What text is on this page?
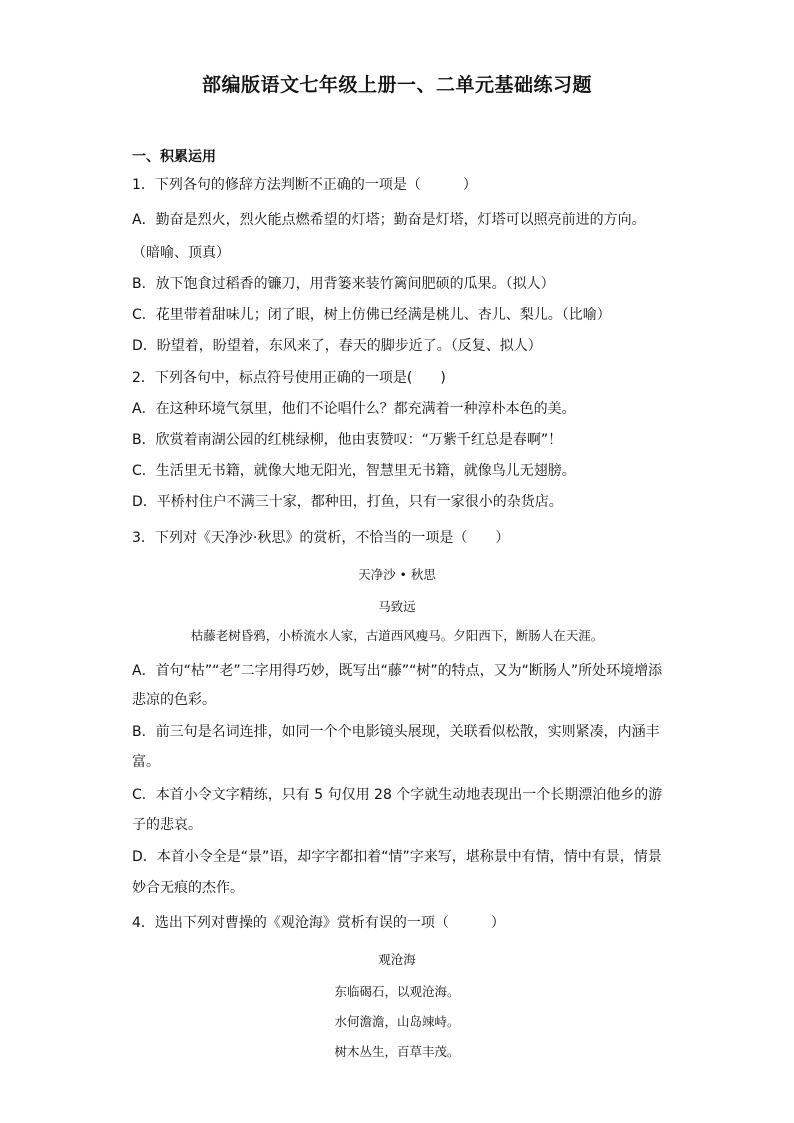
部编版语文七年级上册一、二单元基础练习题
一、积累运用
1．下列各句的修辞方法判断不正确的一项是（　　　）
A．勤奋是烈火，烈火能点燃希望的灯塔；勤奋是灯塔，灯塔可以照亮前进的方向。
（暗喻、顶真）
B．放下饱食过稻香的镰刀，用背篓来装竹篱间肥硕的瓜果。（拟人）
C．花里带着甜味儿；闭了眼，树上仿佛已经满是桃儿、杏儿、梨儿。（比喻）
D．盼望着，盼望着，东风来了，春天的脚步近了。（反复、拟人）
2．下列各句中，标点符号使用正确的一项是(　　)
A．在这种环境气氛里，他们不论唱什么？都充满着一种淳朴本色的美。
B．欣赏着南湖公园的红桃绿柳，他由衷赞叹：“万紫千红总是春啊”！
C．生活里无书籍，就像大地无阳光，智慧里无书籍，就像鸟儿无翅膀。
D．平桥村住户不满三十家，都种田，打鱼，只有一家很小的杂货店。
3．下列对《天净沙·秋思》的赏析，不恰当的一项是（　　）
天净沙 • 秋思
马致远
枯藤老树昏鸦，小桥流水人家，古道西风瘦马。夕阳西下，断肠人在天涯。
A．首句“枯”“老”二字用得巧妙，既写出“藤”“树”的特点，又为“断肠人”所处环境增添
悲凉的色彩。
B．前三句是名词连排，如同一个个电影镜头展现，关联看似松散，实则紧凑，内涵丰
富。
C．本首小令文字精练，只有 5 句仅用 28 个字就生动地表现出一个长期漂泊他乡的游
子的悲哀。
D．本首小令全是“景”语，却字字都扣着“情”字来写，堪称景中有情，情中有景，情景
妙合无痕的杰作。
4．选出下列对曹操的《观沧海》赏析有误的一项（　　　）
观沧海
东临碣石，以观沧海。
水何澹澹，山岛竦峙。
树木丛生，百草丰茂。
